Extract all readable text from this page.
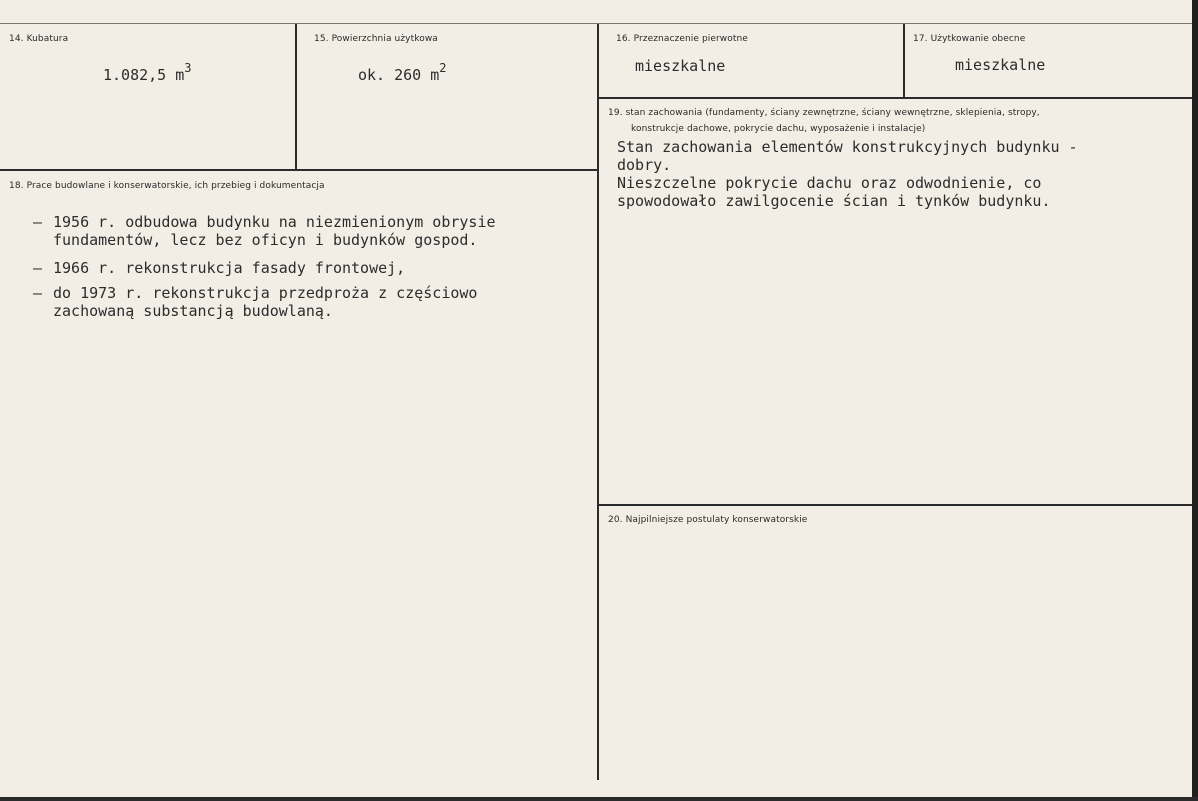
14. Kubatura
1.082,5 $m^3$
15. Powierzchnia użytkowa
ok. 260 $m^2$
16. Przeznaczenie pierwotne
mieszkalne
17. Użytkowanie obecne
mieszkalne
18. Prace budowlane i konserwatorskie, ich przebieg i dokumentacja
– 1956 r. odbudowa budynku na niezmienionym obrysie
fundamentów, lecz bez oficyn i budynków gospod.
– 1966 r. rekonstrukcja fasady frontowej,
– do 1973 r. rekonstrukcja przedproża z częściowo
zachowaną substancją budowlaną.
19. stan zachowania (fundamenty, ściany zewnętrzne, ściany wewnętrzne, sklepienia, stropy,
konstrukcje dachowe, pokrycie dachu, wyposażenie i instalacje)
Stan zachowania elementów konstrukcyjnych budynku -
dobry.
Nieszczelne pokrycie dachu oraz odwodnienie, co
spowodowało zawilgocenie ścian i tynków budynku.
20. Najpilniejsze postulaty konserwatorskie
